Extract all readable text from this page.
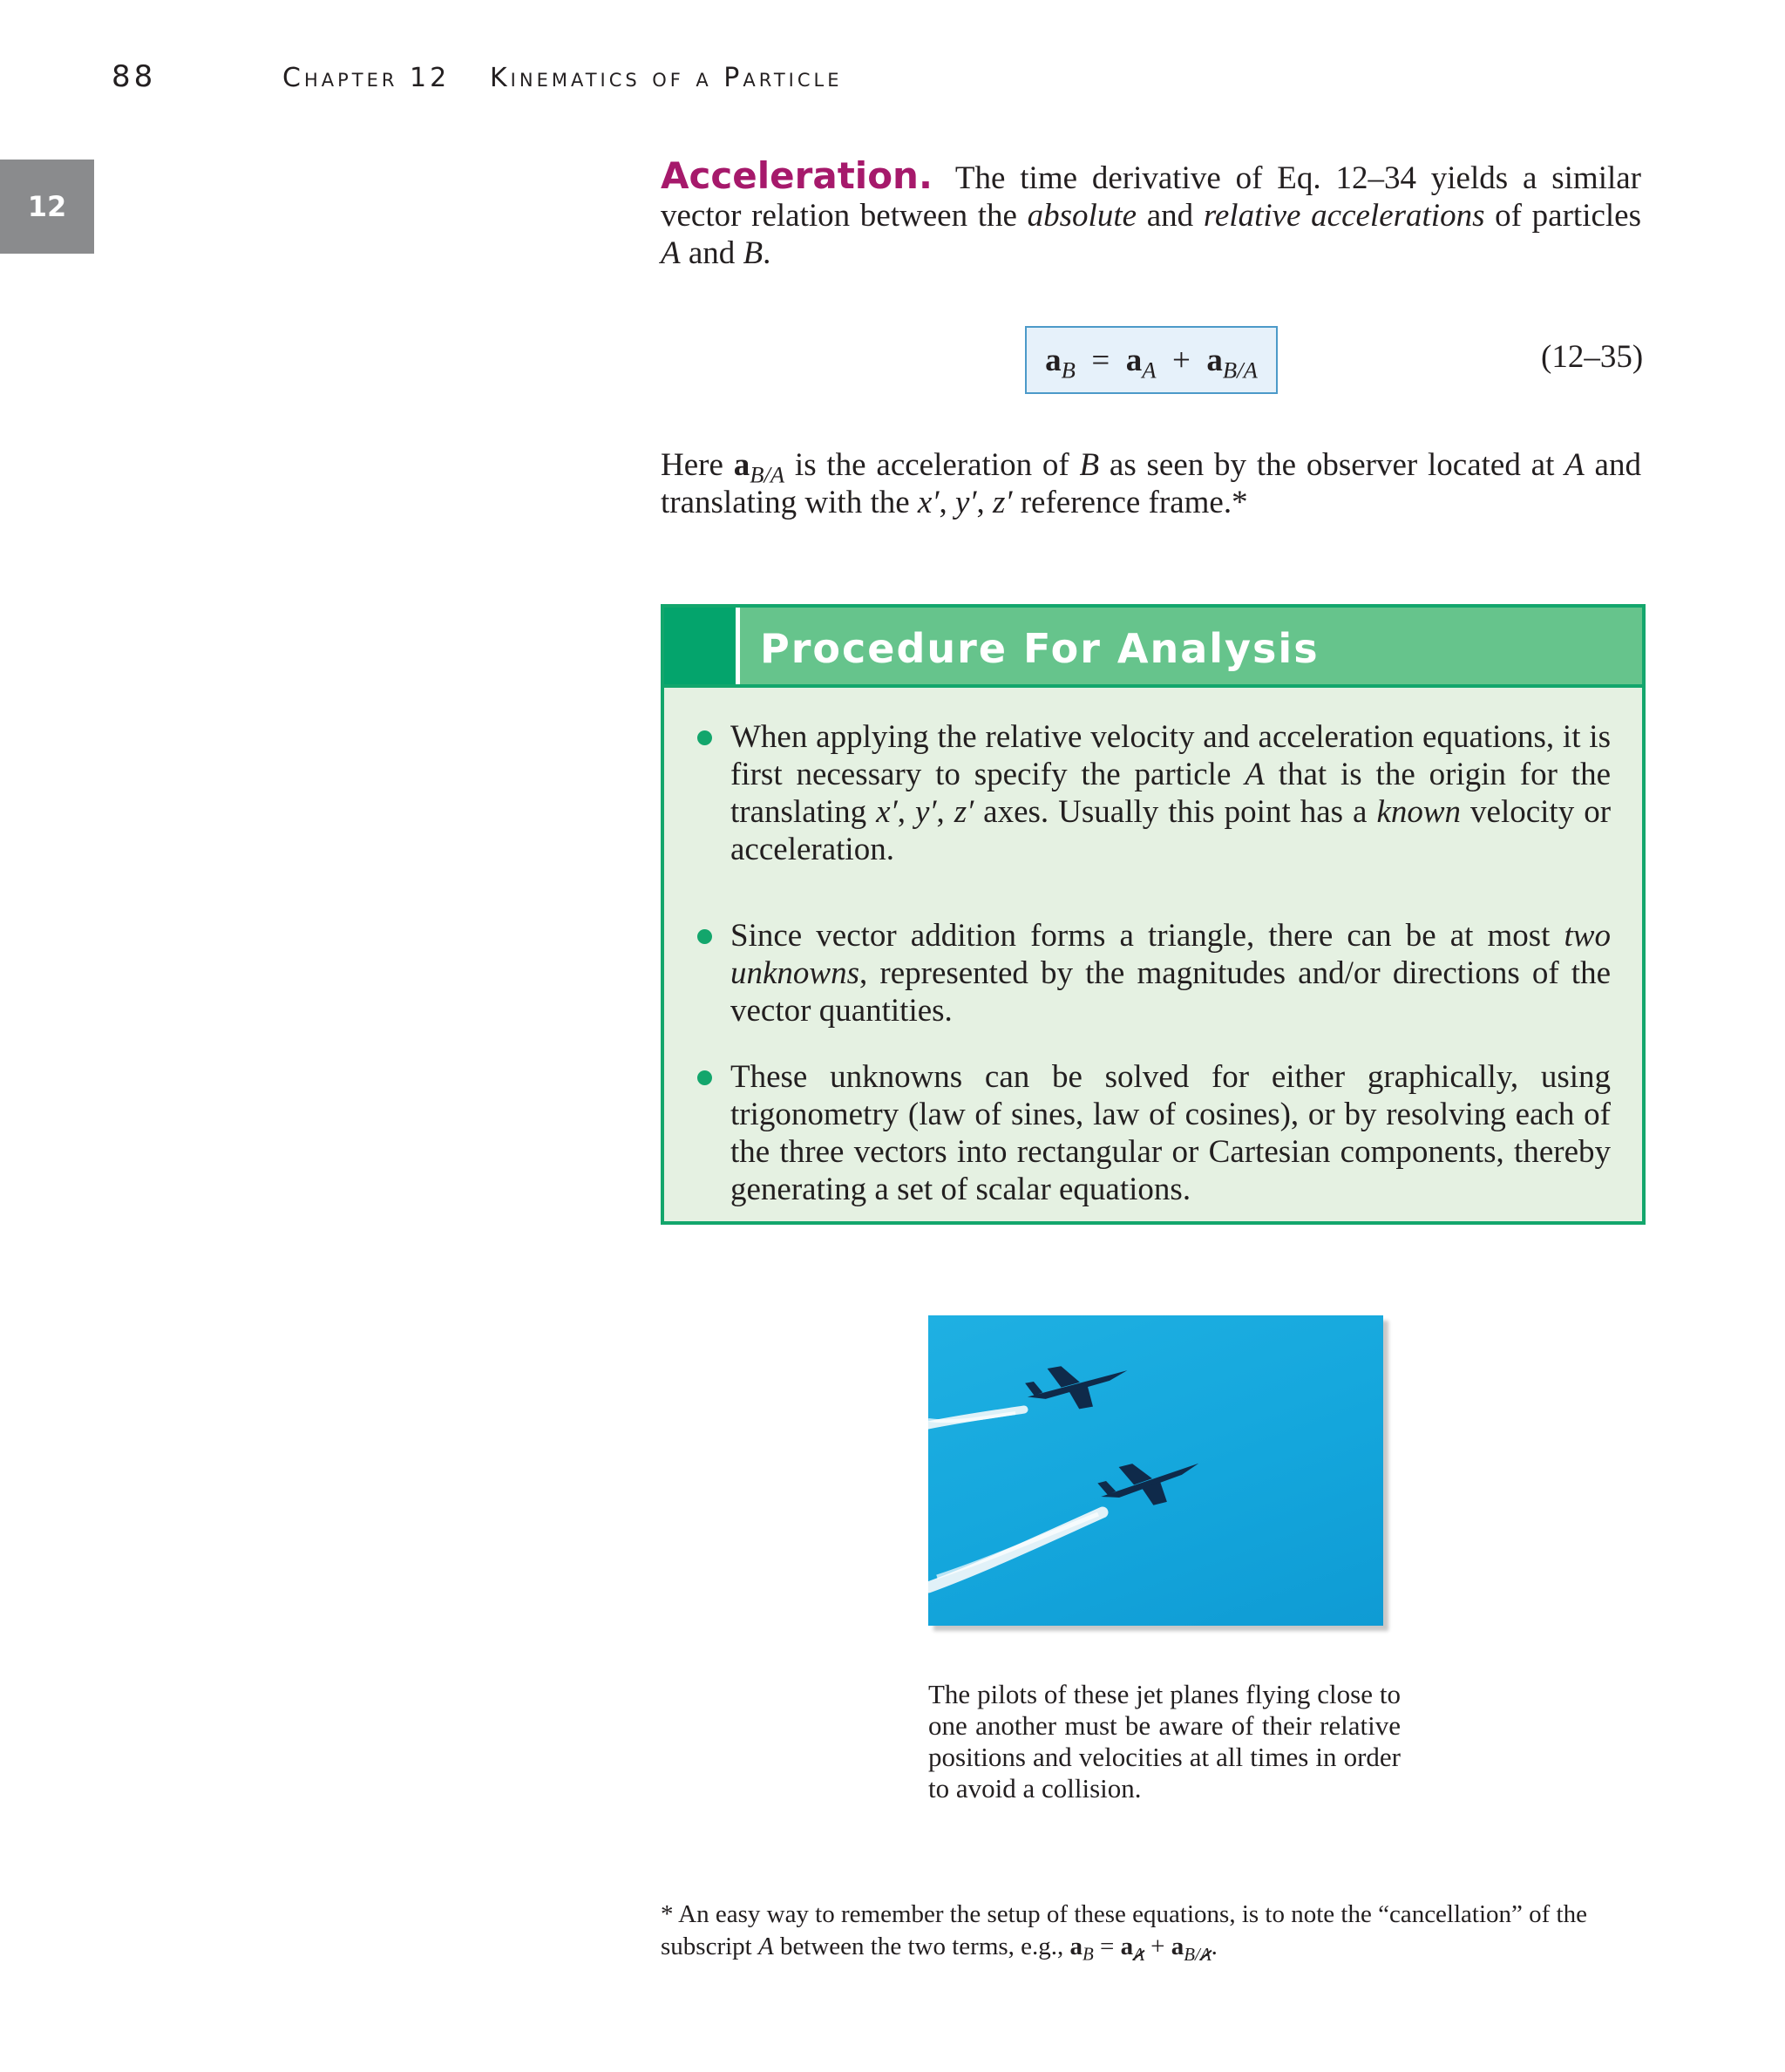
88	Chapter 12 Kinematics of a Particle
12
Acceleration. The time derivative of Eq. 12–34 yields a similar vector relation between the absolute and relative accelerations of particles A and B.
$a_B = a_A + a_{B/A}$	(12–35)
Here $a_{B/A}$ is the acceleration of B as seen by the observer located at A and translating with the x′, y′, z′ reference frame.*
Procedure For Analysis
When applying the relative velocity and acceleration equations, it is first necessary to specify the particle A that is the origin for the translating x′, y′, z′ axes. Usually this point has a known velocity or acceleration.
Since vector addition forms a triangle, there can be at most two unknowns, represented by the magnitudes and/or directions of the vector quantities.
These unknowns can be solved for either graphically, using trigonometry (law of sines, law of cosines), or by resolving each of the three vectors into rectangular or Cartesian components, thereby generating a set of scalar equations.
The pilots of these jet planes flying close to one another must be aware of their relative positions and velocities at all times in order to avoid a collision.
* An easy way to remember the setup of these equations, is to note the “cancellation” of the subscript A between the two terms, e.g., $a_B = a_A + a_{B/A}$.
